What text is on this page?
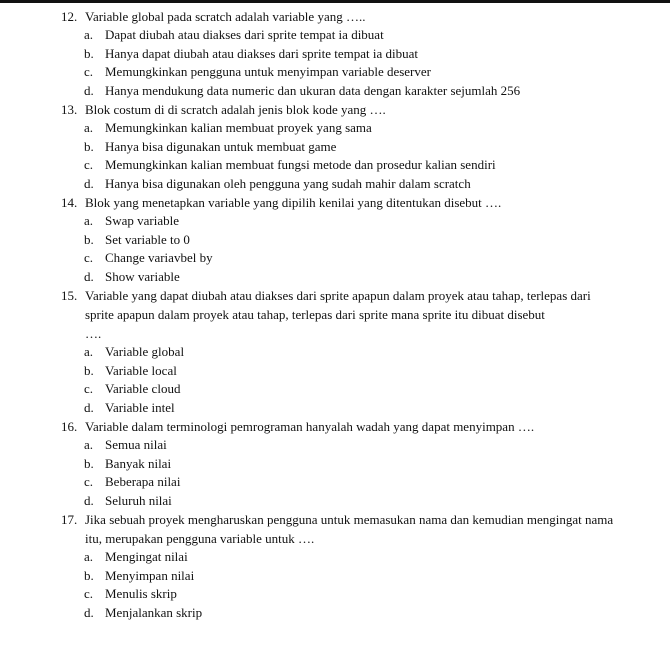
12. Variable global pada scratch adalah variable yang …..
a. Dapat diubah atau diakses dari sprite tempat ia dibuat
b. Hanya dapat diubah atau diakses dari sprite tempat ia dibuat
c. Memungkinkan pengguna untuk menyimpan variable deserver
d. Hanya mendukung data numeric dan ukuran data dengan karakter sejumlah 256
13. Blok costum di di scratch adalah jenis blok kode yang ….
a. Memungkinkan kalian membuat proyek yang sama
b. Hanya bisa digunakan untuk membuat game
c. Memungkinkan kalian membuat fungsi metode dan prosedur kalian sendiri
d. Hanya bisa digunakan oleh pengguna yang sudah mahir dalam scratch
14. Blok yang menetapkan variable yang dipilih kenilai yang ditentukan disebut ….
a. Swap variable
b. Set variable to 0
c. Change variavbel by
d. Show variable
15. Variable yang dapat diubah atau diakses dari sprite apapun dalam proyek atau tahap, terlepas dari sprite apapun dalam proyek atau tahap, terlepas dari sprite mana sprite itu dibuat disebut
….
a. Variable global
b. Variable local
c. Variable cloud
d. Variable intel
16. Variable dalam terminologi pemrograman hanyalah wadah yang dapat menyimpan ….
a. Semua nilai
b. Banyak nilai
c. Beberapa nilai
d. Seluruh nilai
17. Jika sebuah proyek mengharuskan pengguna untuk memasukan nama dan kemudian mengingat nama itu, merupakan pengguna variable untuk ….
a. Mengingat nilai
b. Menyimpan nilai
c. Menulis skrip
d. Menjalankan skrip
